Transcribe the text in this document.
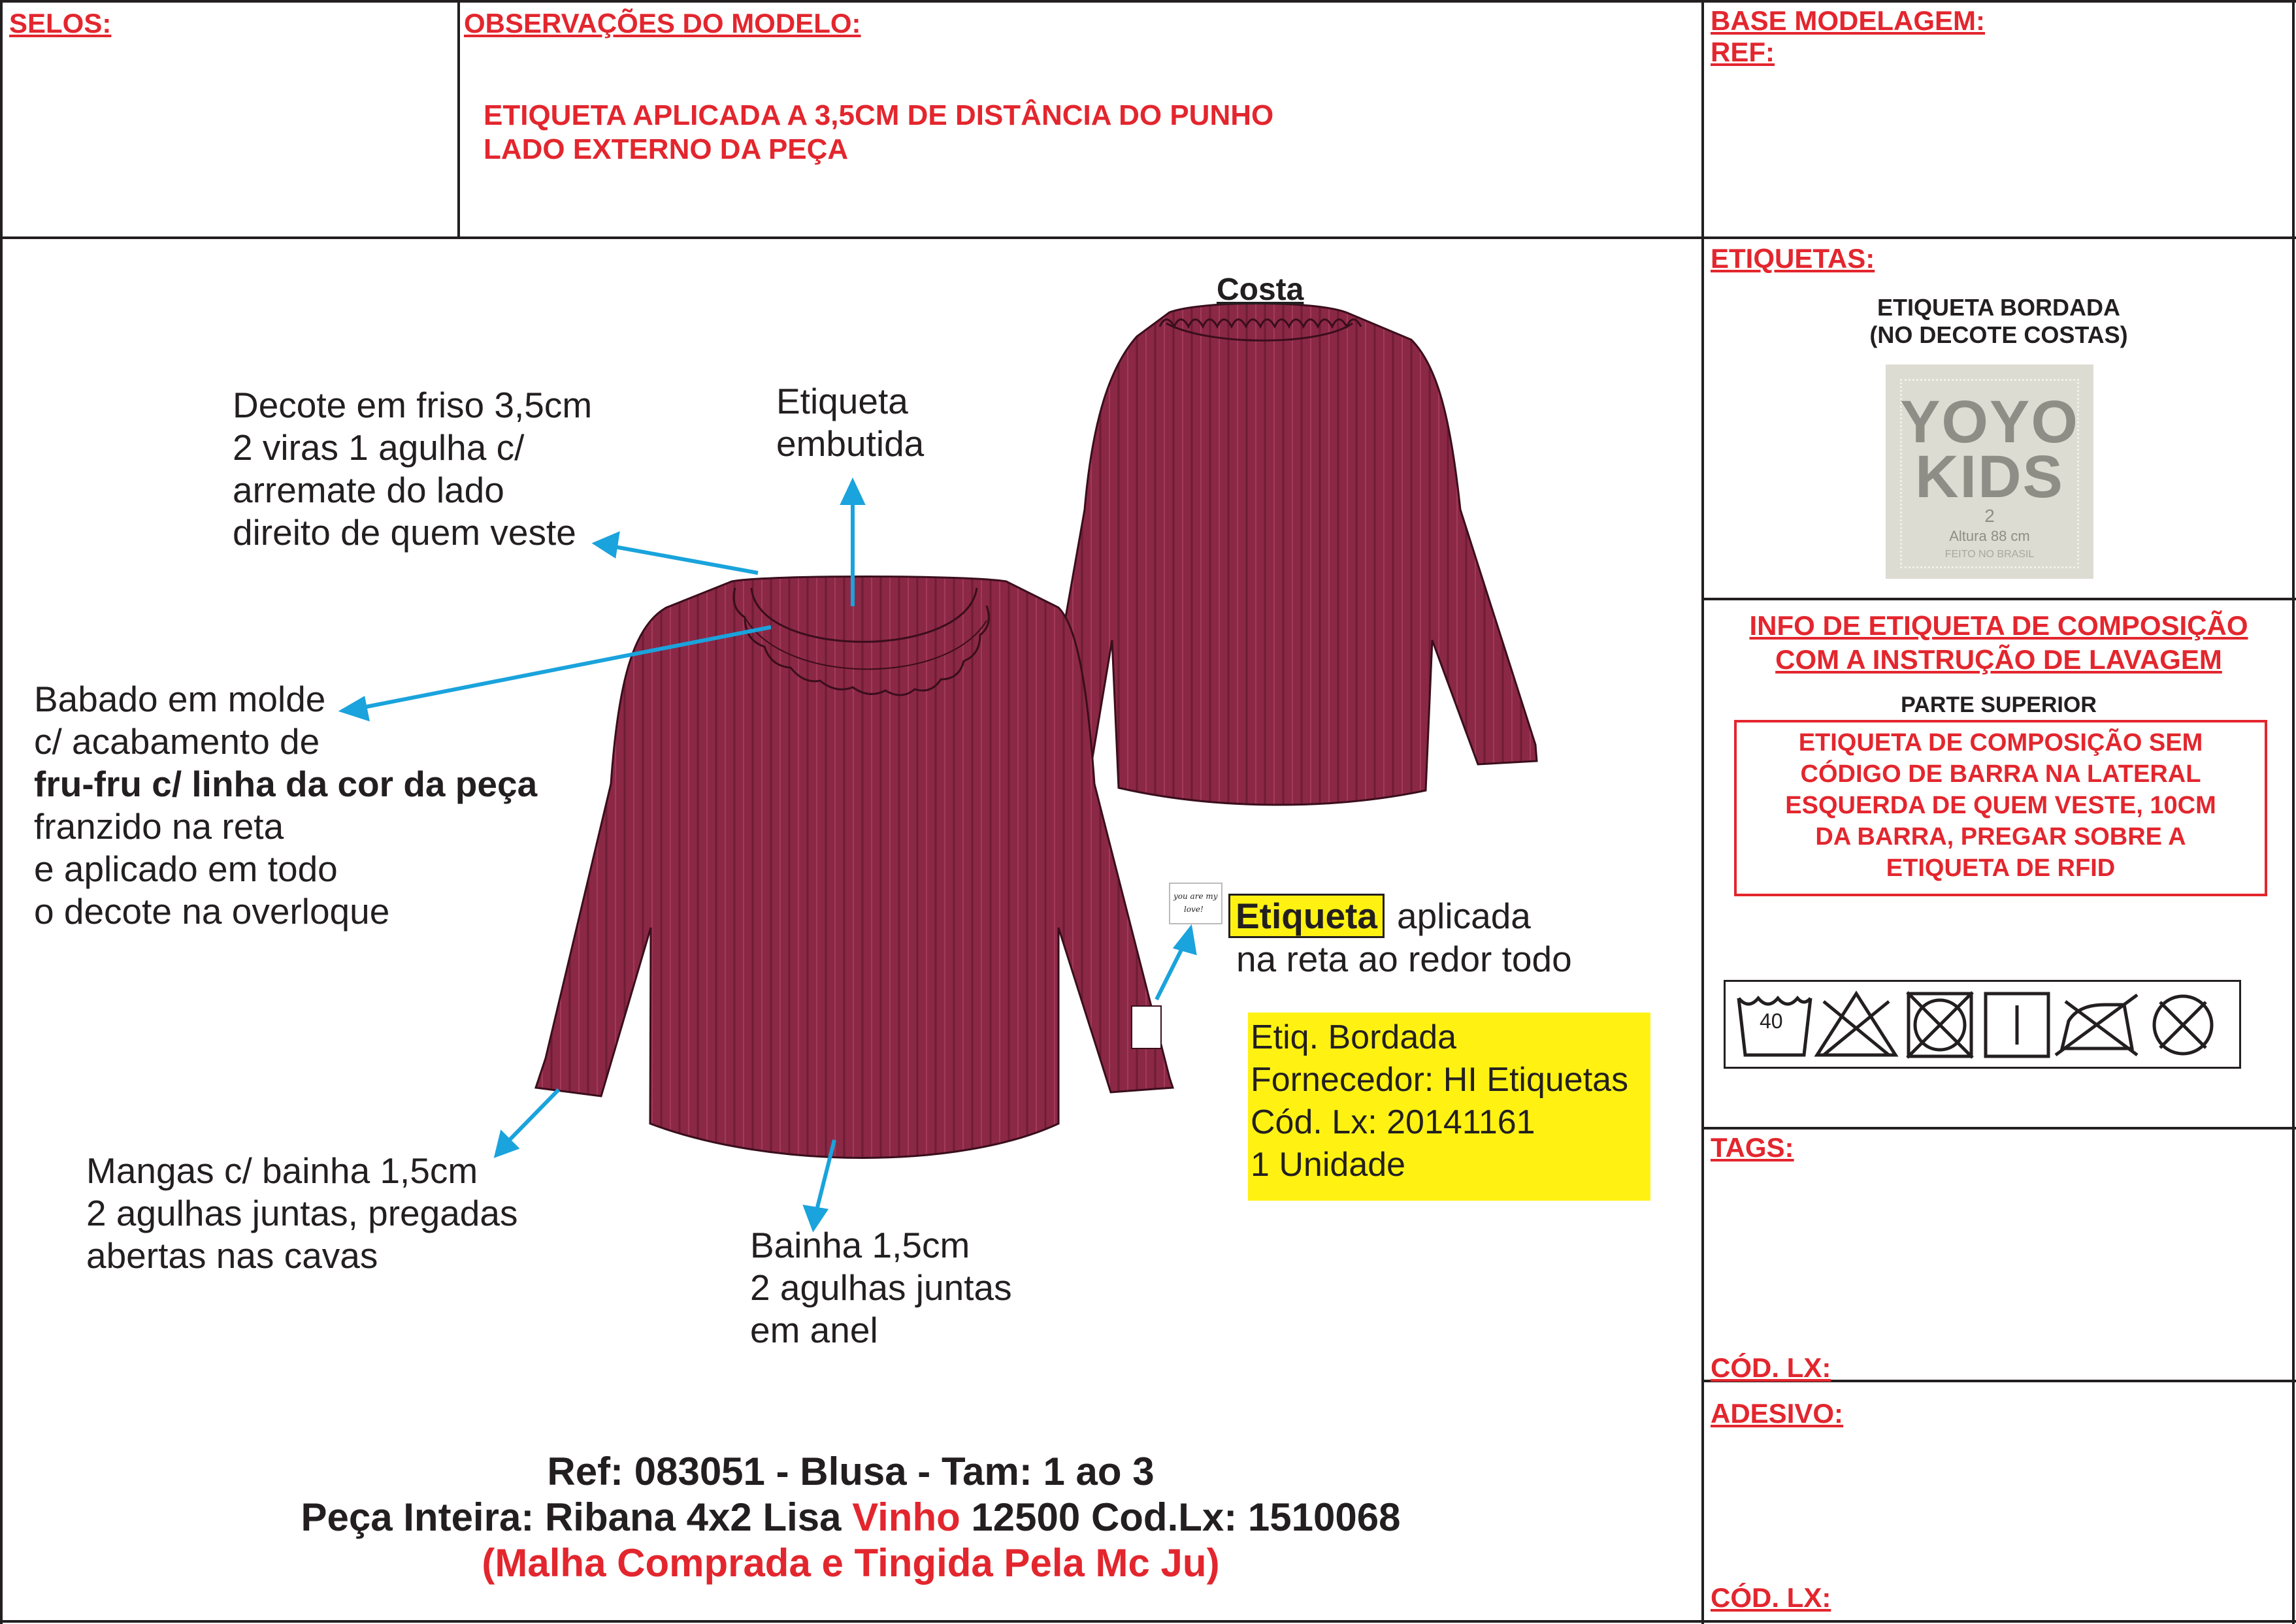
SELOS:	OBSERVAÇÕES DO MODELO:
ETIQUETA APLICADA A 3,5CM DE DISTÂNCIA DO PUNHO
LADO EXTERNO DA PEÇA
BASE MODELAGEM:
REF:
Costa
you are my
love!
Decote em friso 3,5cm
2 viras 1 agulha c/
arremate do lado
direito de quem veste
Etiqueta
embutida
Babado em molde
c/ acabamento de
fru-fru c/ linha da cor da peça
franzido na reta
e aplicado em todo
o decote na overloque
Mangas c/ bainha 1,5cm
2 agulhas juntas, pregadas
abertas nas cavas	Bainha 1,5cm
2 agulhas juntas
em anel
Etiqueta aplicada
na reta ao redor todo
Etiq. Bordada
Fornecedor: HI Etiquetas
Cód. Lx: 20141161
1 Unidade
Ref: 083051 - Blusa - Tam: 1 ao 3
Peça Inteira: Ribana 4x2 Lisa Vinho 12500 Cod.Lx: 1510068
(Malha Comprada e Tingida Pela Mc Ju)
ETIQUETAS:
ETIQUETA BORDADA
(NO DECOTE COSTAS)
YOYO
KIDS
2
Altura 88 cm
FEITO NO BRASIL
INFO DE ETIQUETA DE COMPOSIÇÃO
COM A INSTRUÇÃO DE LAVAGEM
PARTE SUPERIOR
ETIQUETA DE COMPOSIÇÃO SEM
CÓDIGO DE BARRA NA LATERAL
ESQUERDA DE QUEM VESTE, 10CM
DA BARRA, PREGAR SOBRE A
ETIQUETA DE RFID
40
TAGS:
CÓD. LX:
ADESIVO:
CÓD. LX:
